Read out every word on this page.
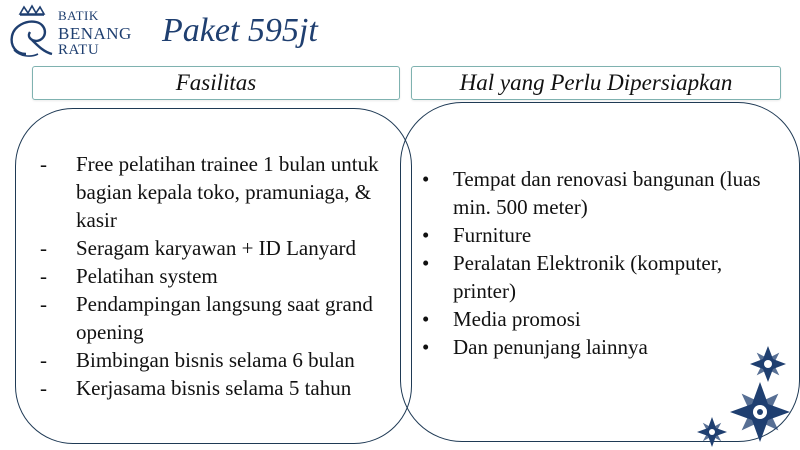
BATIK
BENANG
RATU
Paket 595jt
Fasilitas	Hal yang Perlu Dipersiapkan
- Free pelatihan trainee 1 bulan untuk bagian kepala toko, pramuniaga, & kasir
- Seragam karyawan + ID Lanyard
- Pelatihan system
- Pendampingan langsung saat grand opening
- Bimbingan bisnis selama 6 bulan
- Kerjasama bisnis selama 5 tahun
• Tempat dan renovasi bangunan (luas min. 500 meter)
• Furniture
• Peralatan Elektronik (komputer, printer)
• Media promosi
• Dan penunjang lainnya
